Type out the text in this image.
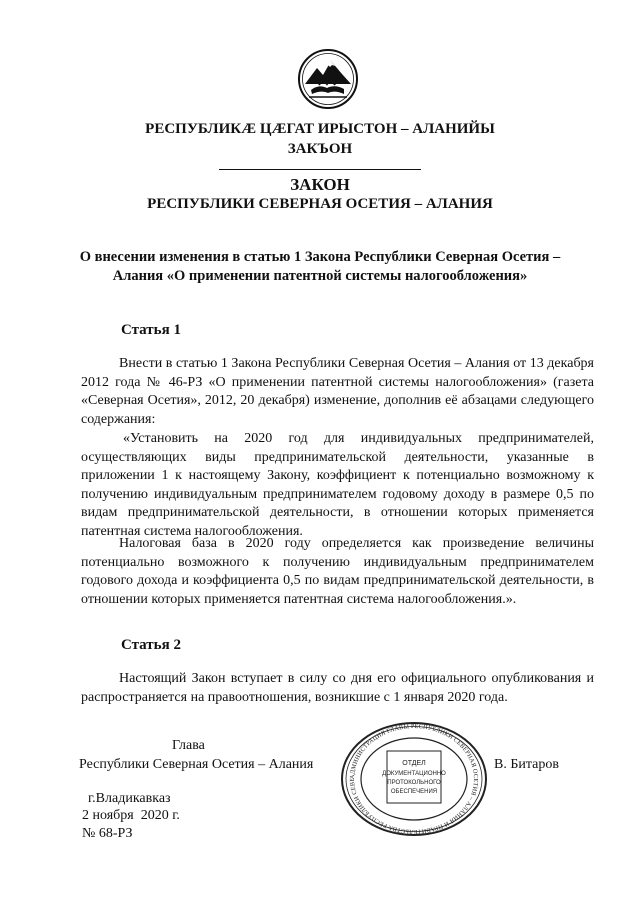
РЕСПУБЛИКÆ ЦÆГАТ ИРЫСТОН – АЛАНИЙЫ
ЗАКЪОН
ЗАКОН
РЕСПУБЛИКИ СЕВЕРНАЯ ОСЕТИЯ – АЛАНИЯ
О внесении изменения в статью 1 Закона Республики Северная Осетия – Алания «О применении патентной системы налогообложения»
Статья 1
Внести в статью 1 Закона Республики Северная Осетия – Алания от 13 декабря 2012 года № 46-РЗ «О применении патентной системы налогообложения» (газета «Северная Осетия», 2012, 20 декабря) изменение, дополнив её абзацами следующего содержания:
«Установить на 2020 год для индивидуальных предпринимателей, осуществляющих виды предпринимательской деятельности, указанные в приложении 1 к настоящему Закону, коэффициент к потенциально возможному к получению индивидуальным предпринимателем годовому доходу в размере 0,5 по видам предпринимательской деятельности, в отношении которых применяется патентная система налогообложения.
Налоговая база в 2020 году определяется как произведение величины потенциально возможного к получению индивидуальным предпринимателем годового дохода и коэффициента 0,5 по видам предпринимательской деятельности, в отношении которых применяется патентная система налогообложения.».
Статья 2
Настоящий Закон вступает в силу со дня его официального опубликования и распространяется на правоотношения, возникшие с 1 января 2020 года.
Глава
Республики Северная Осетия – Алания	В. Битаров
г.Владикавказ
2 ноября  2020 г.
№ 68-РЗ
АДМИНИСТРАЦИЯ ГЛАВЫ РЕСПУБЛИКИ СЕВЕРНАЯ ОСЕТИЯ – АЛАНИЯ И ПРАВИТЕЛЬСТВА РЕСПУБЛИКИ СЕВЕ
ОТДЕЛ
ДОКУМЕНТАЦИОННО
ПРОТОКОЛЬНОГО
ОБЕСПЕЧЕНИЯ
